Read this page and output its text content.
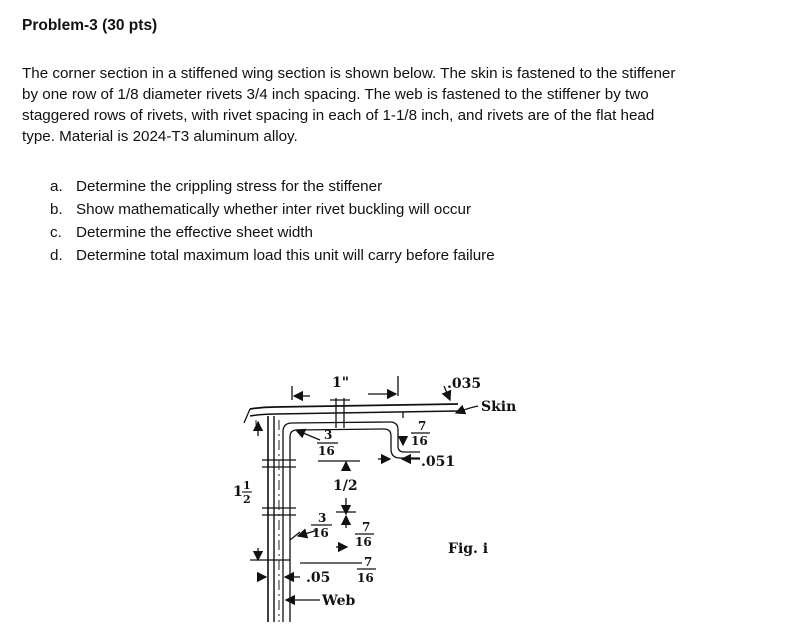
Problem-3 (30 pts)
The corner section in a stiffened wing section is shown below. The skin is fastened to the stiffener
by one row of 1/8 diameter rivets 3/4 inch spacing. The web is fastened to the stiffener by two
staggered rows of rivets, with rivet spacing in each of 1-1/8 inch, and rivets are of the flat head
type. Material is 2024-T3 aluminum alloy.
a. Determine the crippling stress for the stiffener
b. Show mathematically whether inter rivet buckling will occur
c. Determine the effective sheet width
d. Determine total maximum load this unit will carry before failure
1"	.035
Skin
3
16
7
16
.051
1/2
1 1
2
3
16	7
16
7
16
.05
Web
Fig. i
